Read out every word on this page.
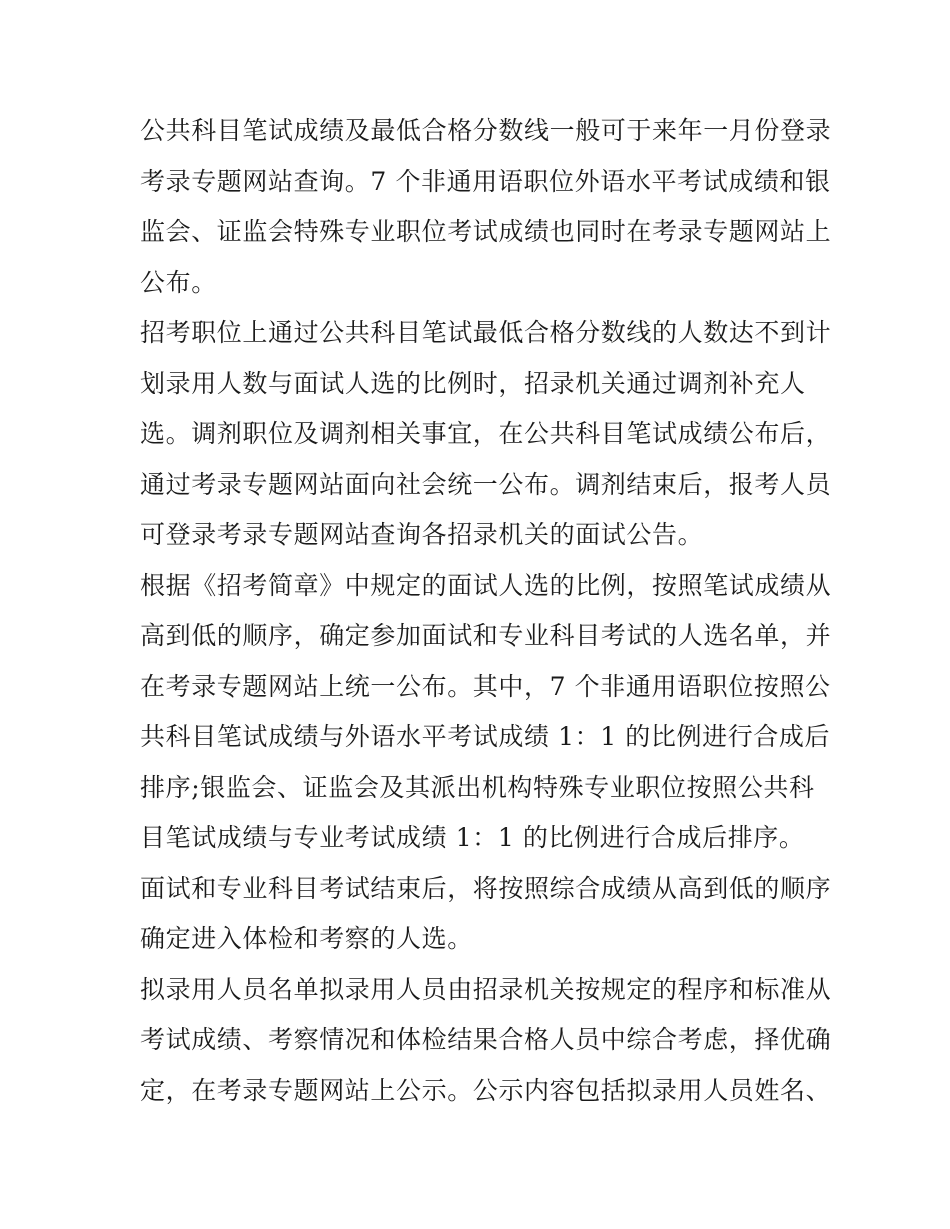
公共科目笔试成绩及最低合格分数线一般可于来年一月份登录
考录专题网站查询。7 个非通用语职位外语水平考试成绩和银
监会、证监会特殊专业职位考试成绩也同时在考录专题网站上
公布。
招考职位上通过公共科目笔试最低合格分数线的人数达不到计
划录用人数与面试人选的比例时，招录机关通过调剂补充人
选。调剂职位及调剂相关事宜，在公共科目笔试成绩公布后，
通过考录专题网站面向社会统一公布。调剂结束后，报考人员
可登录考录专题网站查询各招录机关的面试公告。
根据《招考简章》中规定的面试人选的比例，按照笔试成绩从
高到低的顺序，确定参加面试和专业科目考试的人选名单，并
在考录专题网站上统一公布。其中，7 个非通用语职位按照公
共科目笔试成绩与外语水平考试成绩 1：1 的比例进行合成后
排序;银监会、证监会及其派出机构特殊专业职位按照公共科
目笔试成绩与专业考试成绩 1：1 的比例进行合成后排序。
面试和专业科目考试结束后，将按照综合成绩从高到低的顺序
确定进入体检和考察的人选。
拟录用人员名单拟录用人员由招录机关按规定的程序和标准从
考试成绩、考察情况和体检结果合格人员中综合考虑，择优确
定，在考录专题网站上公示。公示内容包括拟录用人员姓名、
